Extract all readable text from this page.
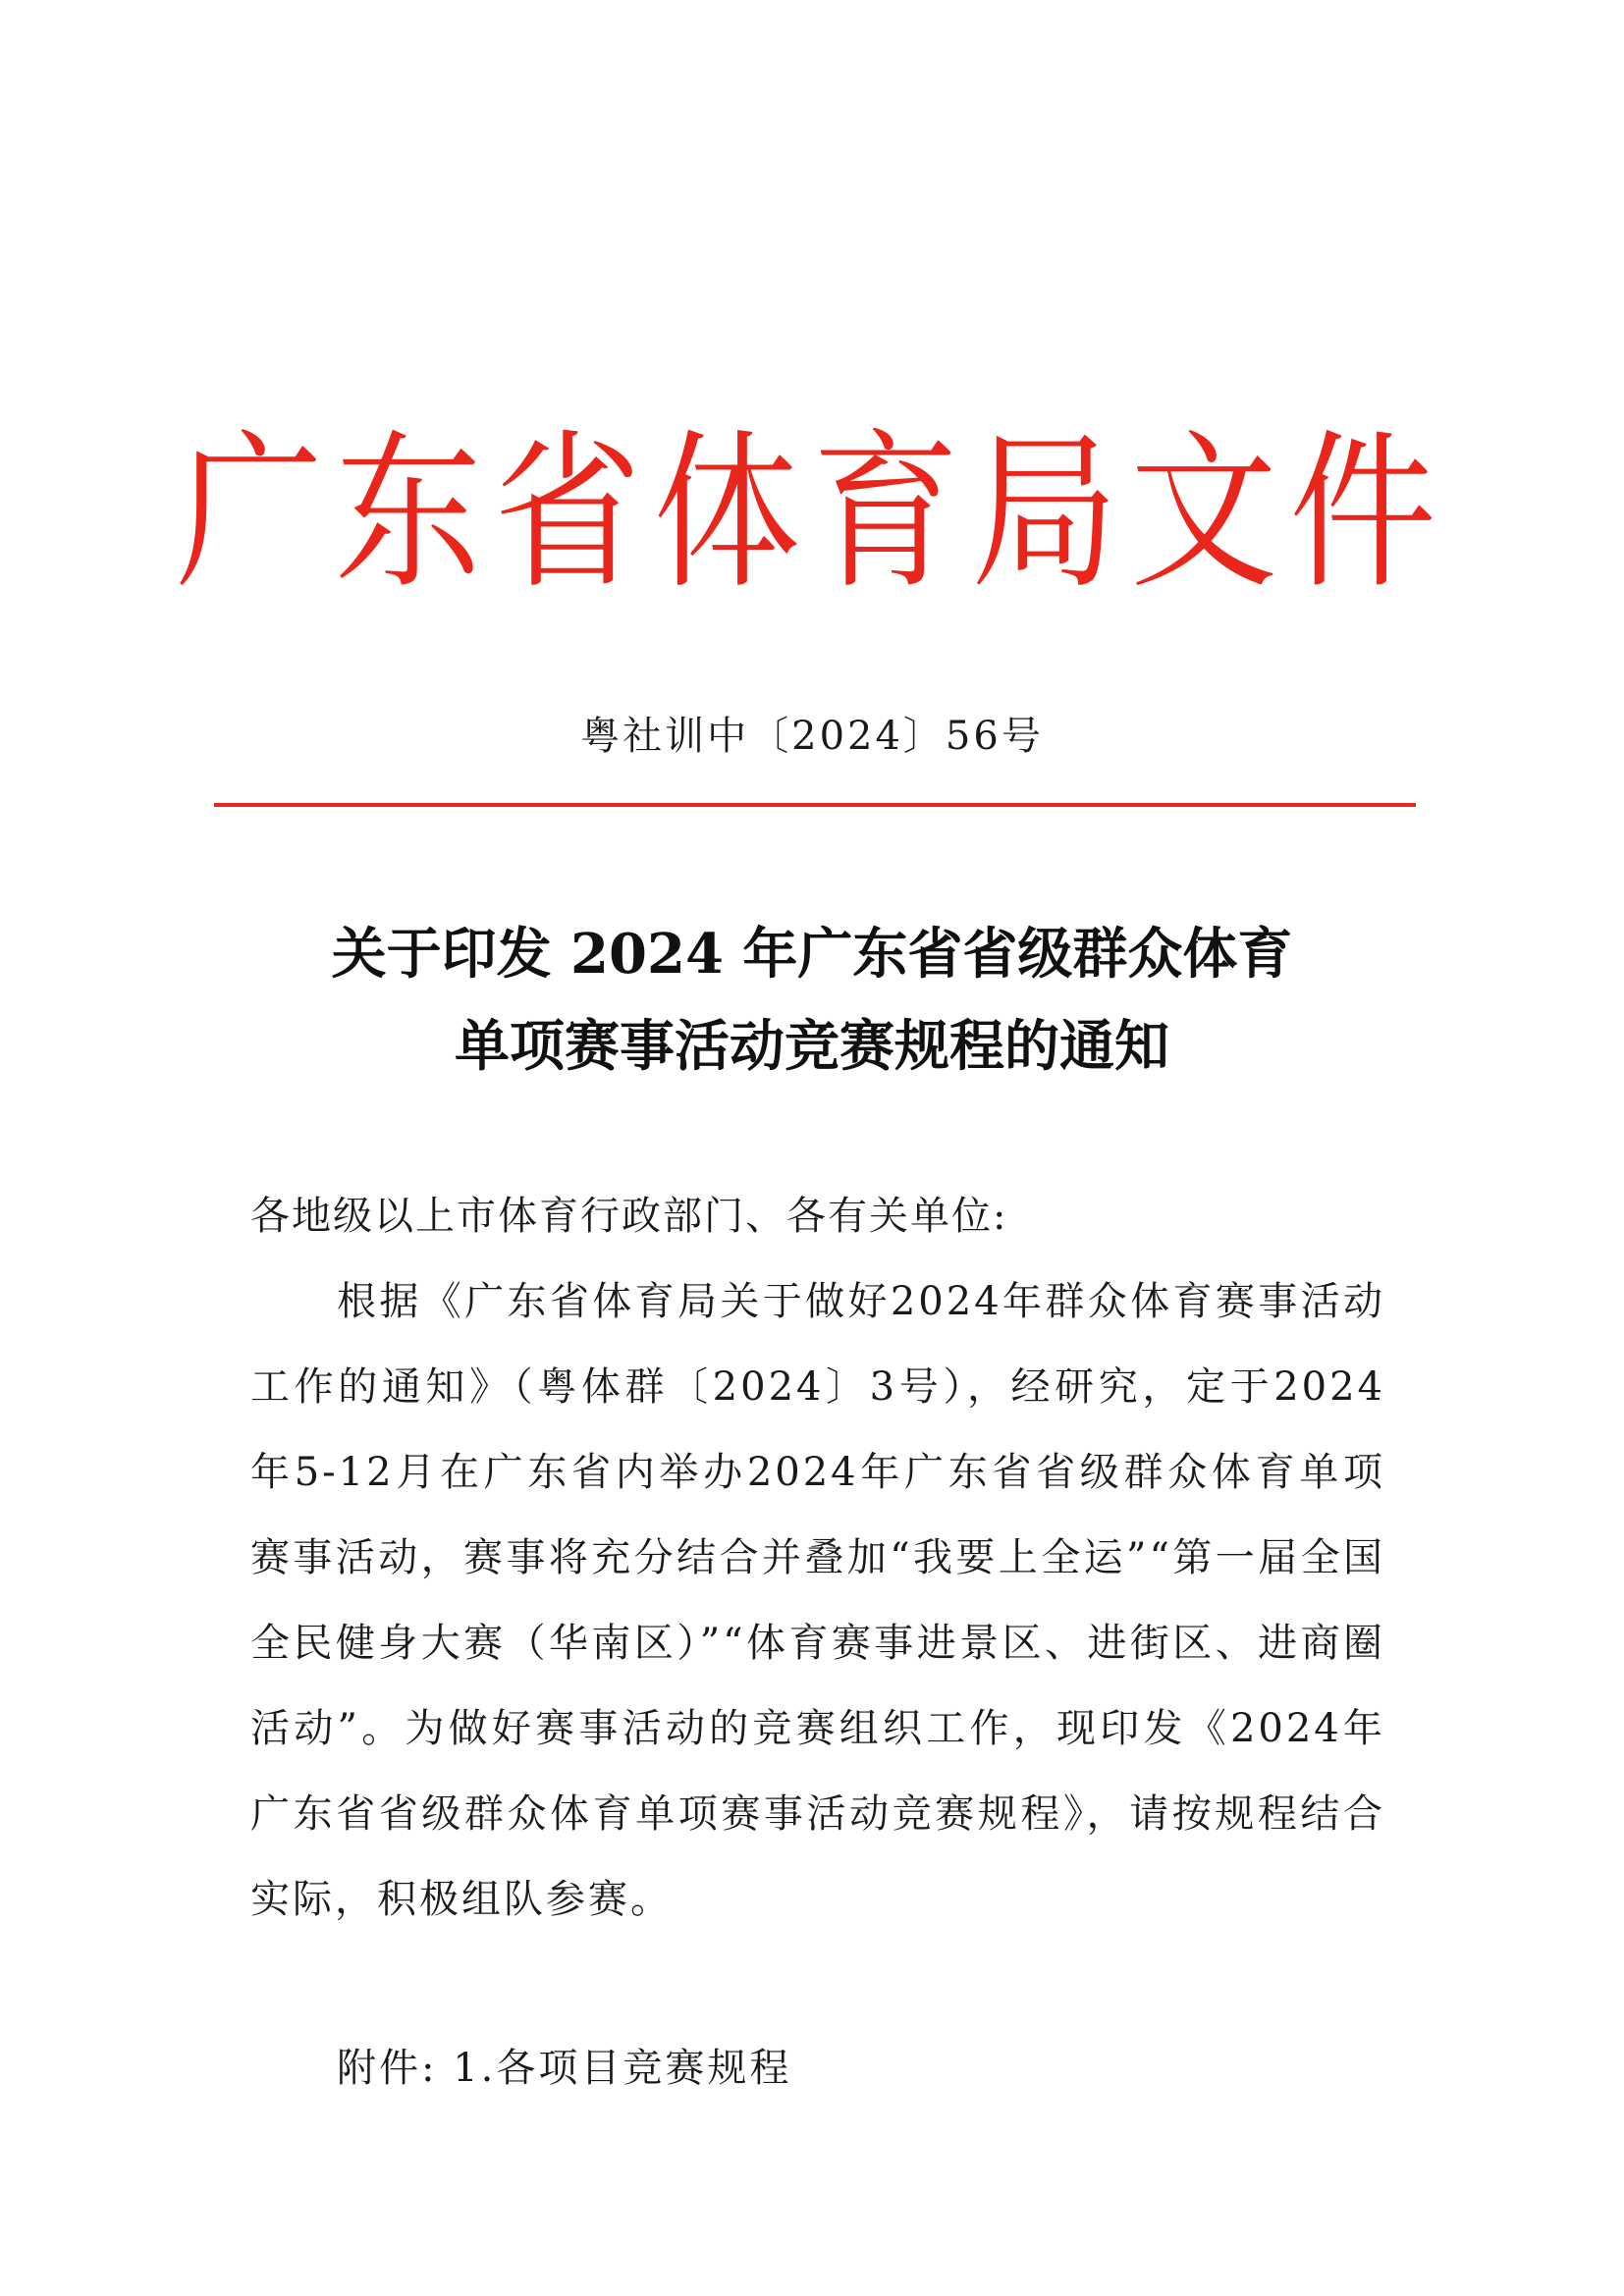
广东省体育局文件
粤社训中〔2024〕56号
关于印发 2024 年广东省省级群众体育
单项赛事活动竞赛规程的通知
各地级以上市体育行政部门、各有关单位:
根据《广东省体育局关于做好2024年群众体育赛事活动工作的通知》（粤体群〔2024〕3号），经研究，定于2024年5-12月在广东省内举办2024年广东省省级群众体育单项赛事活动，赛事将充分结合并叠加“我要上全运”“第一届全国全民健身大赛（华南区）”“体育赛事进景区、进街区、进商圈活动”。为做好赛事活动的竞赛组织工作，现印发《2024年广东省省级群众体育单项赛事活动竞赛规程》，请按规程结合实际，积极组队参赛。
附件: 1.各项目竞赛规程
